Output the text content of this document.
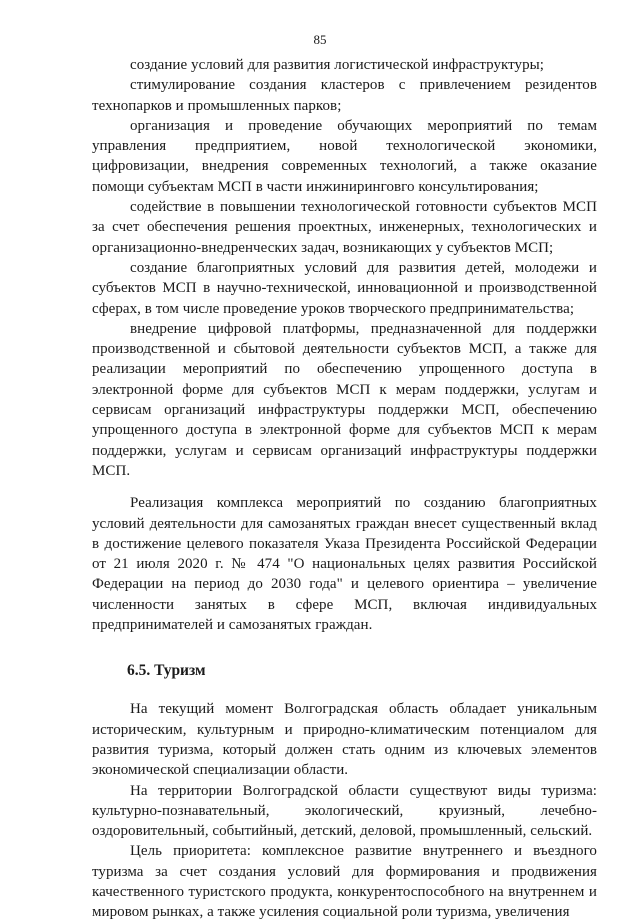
85

создание условий для развития логистической инфраструктуры;

стимулирование создания кластеров с привлечением резидентов технопарков и промышленных парков;

организация и проведение обучающих мероприятий по темам управления предприятием, новой технологической экономики, цифровизации, внедрения современных технологий, а также оказание помощи субъектам МСП в части инжиниринговго консультирования;

содействие в повышении технологической готовности субъектов МСП за счет обеспечения решения проектных, инженерных, технологических и организационно-внедренческих задач, возникающих у субъектов МСП;

создание благоприятных условий для развития детей, молодежи и субъектов МСП в научно-технической, инновационной и производственной сферах, в том числе проведение уроков творческого предпринимательства;

внедрение цифровой платформы, предназначенной для поддержки производственной и сбытовой деятельности субъектов МСП, а также для реализации мероприятий по обеспечению упрощенного доступа в электронной форме для субъектов МСП к мерам поддержки, услугам и сервисам организаций инфраструктуры поддержки МСП, обеспечению упрощенного доступа в электронной форме для субъектов МСП к мерам поддержки, услугам и сервисам организаций инфраструктуры поддержки МСП.

Реализация комплекса мероприятий по созданию благоприятных условий деятельности для самозанятых граждан внесет существенный вклад в достижение целевого показателя Указа Президента Российской Федерации от 21 июля 2020 г. № 474 "О национальных целях развития Российской Федерации на период до 2030 года" и целевого ориентира – увеличение численности занятых в сфере МСП, включая индивидуальных предпринимателей и самозанятых граждан.

6.5. Туризм

На текущий момент Волгоградская область обладает уникальным историческим, культурным и природно-климатическим потенциалом для развития туризма, который должен стать одним из ключевых элементов экономической специализации области.

На территории Волгоградской области существуют виды туризма: культурно-познавательный, экологический, круизный, лечебно-оздоровительный, событийный, детский, деловой, промышленный, сельский.

Цель приоритета: комплексное развитие внутреннего и въездного туризма за счет создания условий для формирования и продвижения качественного туристского продукта, конкурентоспособного на внутреннем и мировом рынках, а также усиления социальной роли туризма, увеличения
